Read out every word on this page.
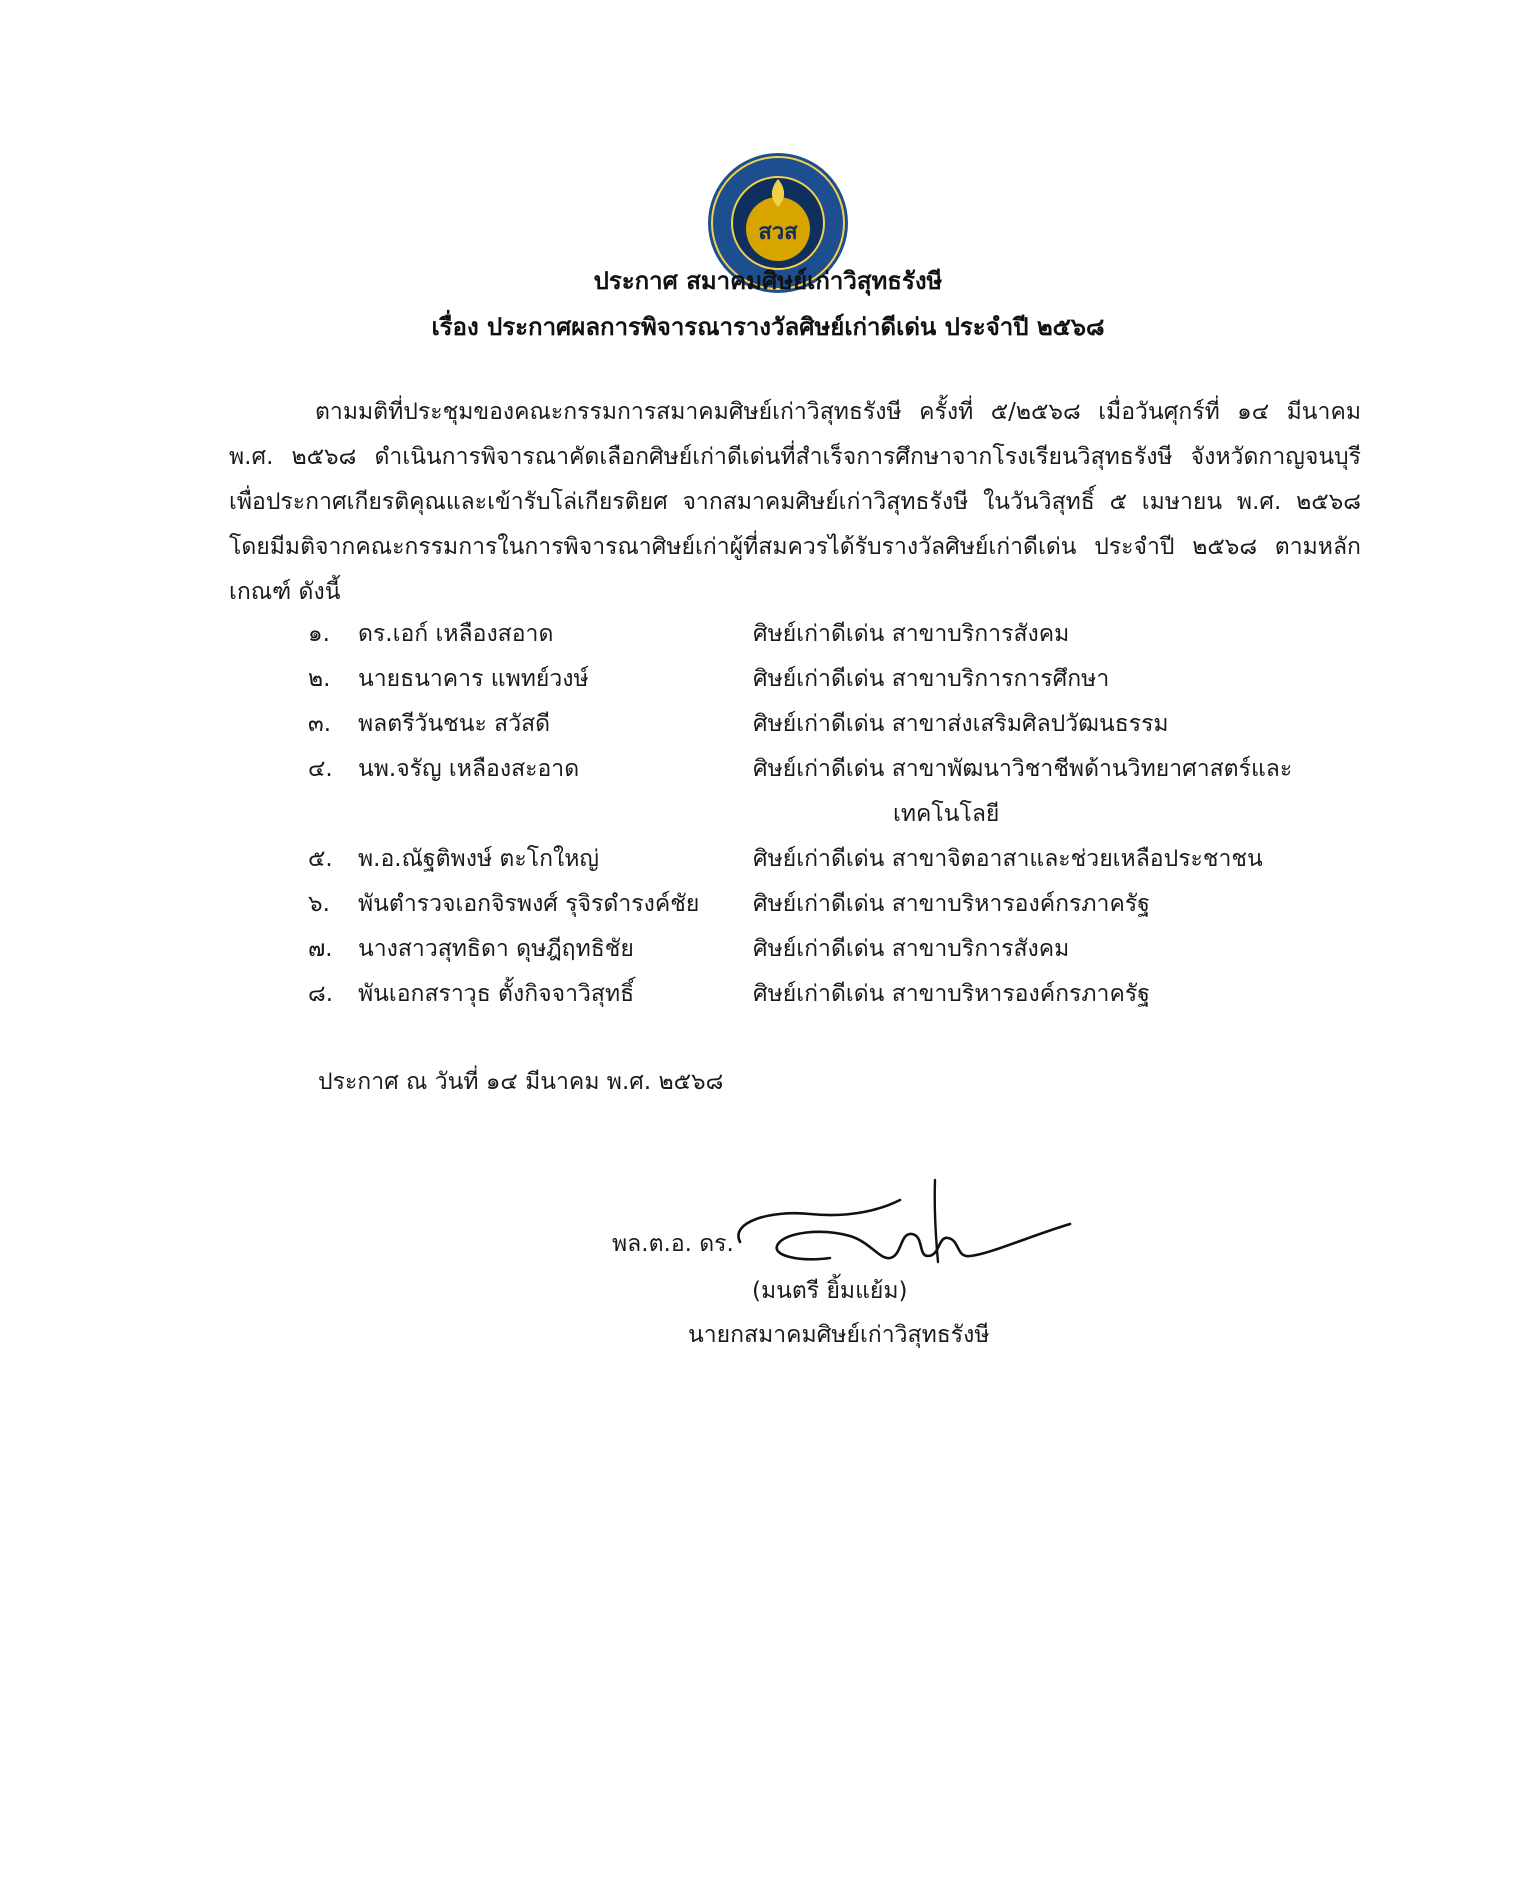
สวส
ประกาศ สมาคมศิษย์เก่าวิสุทธรังษี
เรื่อง ประกาศผลการพิจารณารางวัลศิษย์เก่าดีเด่น ประจำปี ๒๕๖๘
ตามมติที่ประชุมของคณะกรรมการสมาคมศิษย์เก่าวิสุทธรังษี ครั้งที่ ๕/๒๕๖๘ เมื่อวันศุกร์ที่ ๑๔ มีนาคม พ.ศ. ๒๕๖๘ ดำเนินการพิจารณาคัดเลือกศิษย์เก่าดีเด่นที่สำเร็จการศึกษาจากโรงเรียนวิสุทธรังษี จังหวัดกาญจนบุรี เพื่อประกาศเกียรติคุณและเข้ารับโล่เกียรติยศ จากสมาคมศิษย์เก่าวิสุทธรังษี ในวันวิสุทธิ์ ๕ เมษายน พ.ศ. ๒๕๖๘ โดยมีมติจากคณะกรรมการในการพิจารณาศิษย์เก่าผู้ที่สมควรได้รับรางวัลศิษย์เก่าดีเด่น ประจำปี ๒๕๖๘ ตามหลักเกณฑ์ ดังนี้
๑.	ดร.เอก์ เหลืองสอาด	ศิษย์เก่าดีเด่น สาขาบริการสังคม
๒.	นายธนาคาร แพทย์วงษ์	ศิษย์เก่าดีเด่น สาขาบริการการศึกษา
๓.	พลตรีวันชนะ สวัสดี	ศิษย์เก่าดีเด่น สาขาส่งเสริมศิลปวัฒนธรรม
๔.	นพ.จรัญ เหลืองสะอาด	ศิษย์เก่าดีเด่น สาขาพัฒนาวิชาชีพด้านวิทยาศาสตร์และ
เทคโนโลยี
๕.	พ.อ.ณัฐติพงษ์ ตะโกใหญ่	ศิษย์เก่าดีเด่น สาขาจิตอาสาและช่วยเหลือประชาชน
๖.	พันตำรวจเอกจิรพงศ์ รุจิรดำรงค์ชัย ศิษย์เก่าดีเด่น สาขาบริหารองค์กรภาครัฐ
๗.	นางสาวสุทธิดา ดุษฎีฤทธิชัย	ศิษย์เก่าดีเด่น สาขาบริการสังคม
๘.	พันเอกสราวุธ ตั้งกิจจาวิสุทธิ์	ศิษย์เก่าดีเด่น สาขาบริหารองค์กรภาครัฐ
ประกาศ ณ วันที่ ๑๔ มีนาคม พ.ศ. ๒๕๖๘
พล.ต.อ. ดร.
(มนตรี ยิ้มแย้ม)
นายกสมาคมศิษย์เก่าวิสุทธรังษี
